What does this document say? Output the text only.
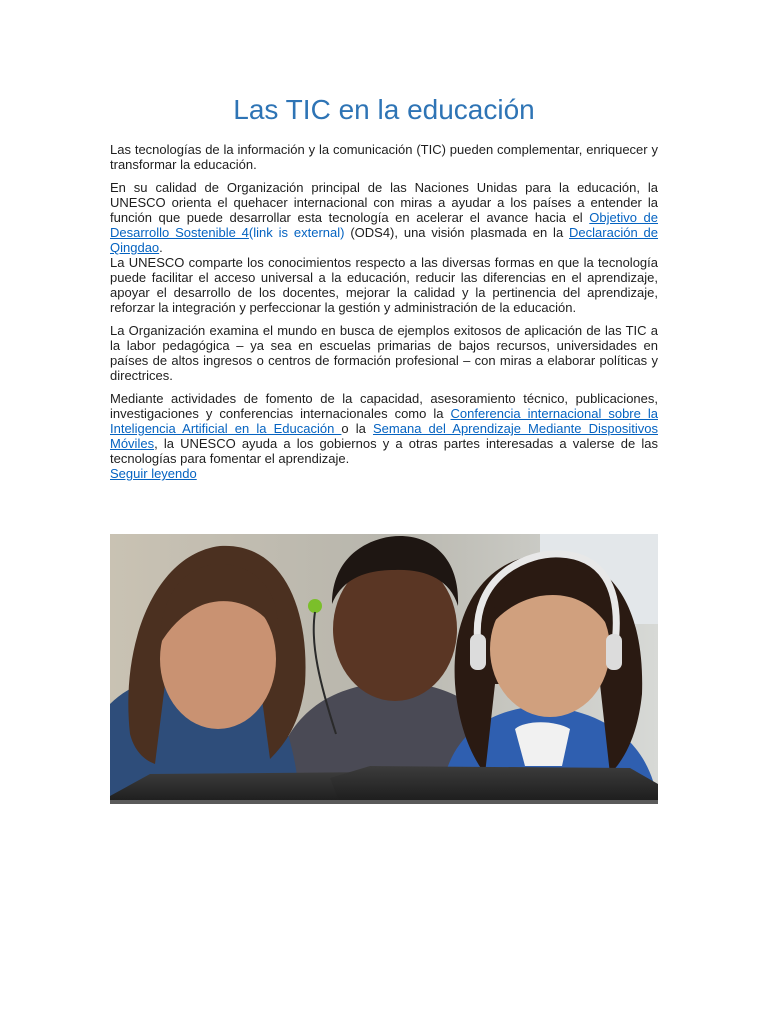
Las TIC en la educación

Las tecnologías de la información y la comunicación (TIC) pueden complementar, enriquecer y transformar la educación.

En su calidad de Organización principal de las Naciones Unidas para la educación, la UNESCO orienta el quehacer internacional con miras a ayudar a los países a entender la función que puede desarrollar esta tecnología en acelerar el avance hacia el Objetivo de Desarrollo Sostenible 4(link is external) (ODS4), una visión plasmada en la Declaración de Qingdao.
La UNESCO comparte los conocimientos respecto a las diversas formas en que la tecnología puede facilitar el acceso universal a la educación, reducir las diferencias en el aprendizaje, apoyar el desarrollo de los docentes, mejorar la calidad y la pertinencia del aprendizaje, reforzar la integración y perfeccionar la gestión y administración de la educación.

La Organización examina el mundo en busca de ejemplos exitosos de aplicación de las TIC a la labor pedagógica – ya sea en escuelas primarias de bajos recursos, universidades en países de altos ingresos o centros de formación profesional – con miras a elaborar políticas y directrices.

Mediante actividades de fomento de la capacidad, asesoramiento técnico, publicaciones, investigaciones y conferencias internacionales como la Conferencia internacional sobre la Inteligencia Artificial en la Educación o la Semana del Aprendizaje Mediante Dispositivos Móviles, la UNESCO ayuda a los gobiernos y a otras partes interesadas a valerse de las tecnologías para fomentar el aprendizaje.
Seguir leyendo
